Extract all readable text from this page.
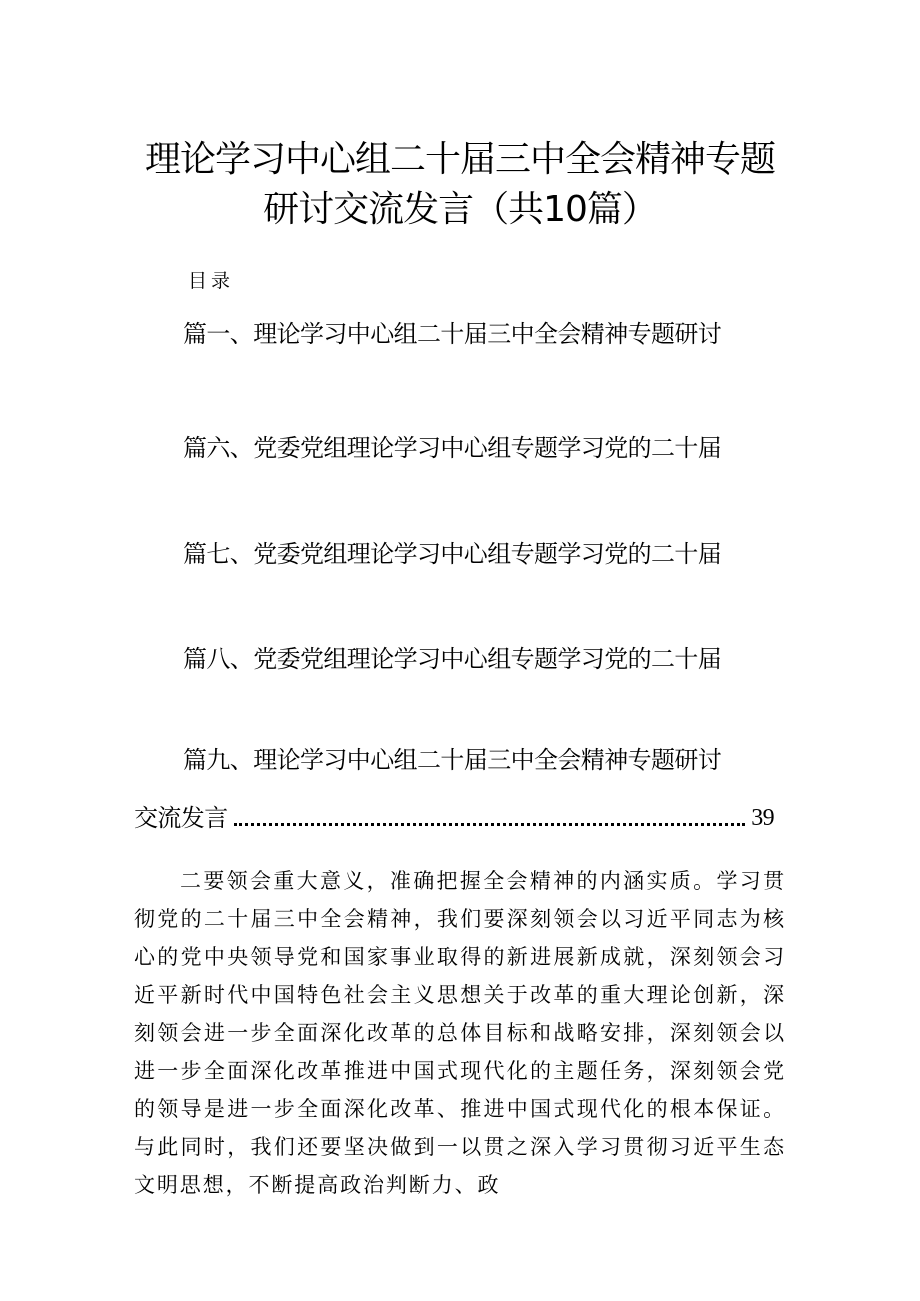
理论学习中心组二十届三中全会精神专题
研讨交流发言（共10篇）
目录
篇一、理论学习中心组二十届三中全会精神专题研讨
篇六、党委党组理论学习中心组专题学习党的二十届
篇七、党委党组理论学习中心组专题学习党的二十届
篇八、党委党组理论学习中心组专题学习党的二十届
篇九、理论学习中心组二十届三中全会精神专题研讨
交流发言	39

二要领会重大意义，准确把握全会精神的内涵实质。学习贯彻党的二十届三中全会精神，我们要深刻领会以习近平同志为核心的党中央领导党和国家事业取得的新进展新成就，深刻领会习近平新时代中国特色社会主义思想关于改革的重大理论创新，深刻领会进一步全面深化改革的总体目标和战略安排，深刻领会以进一步全面深化改革推进中国式现代化的主题任务，深刻领会党的领导是进一步全面深化改革、推进中国式现代化的根本保证。与此同时，我们还要坚决做到一以贯之深入学习贯彻习近平生态文明思想，不断提高政治判断力、政
